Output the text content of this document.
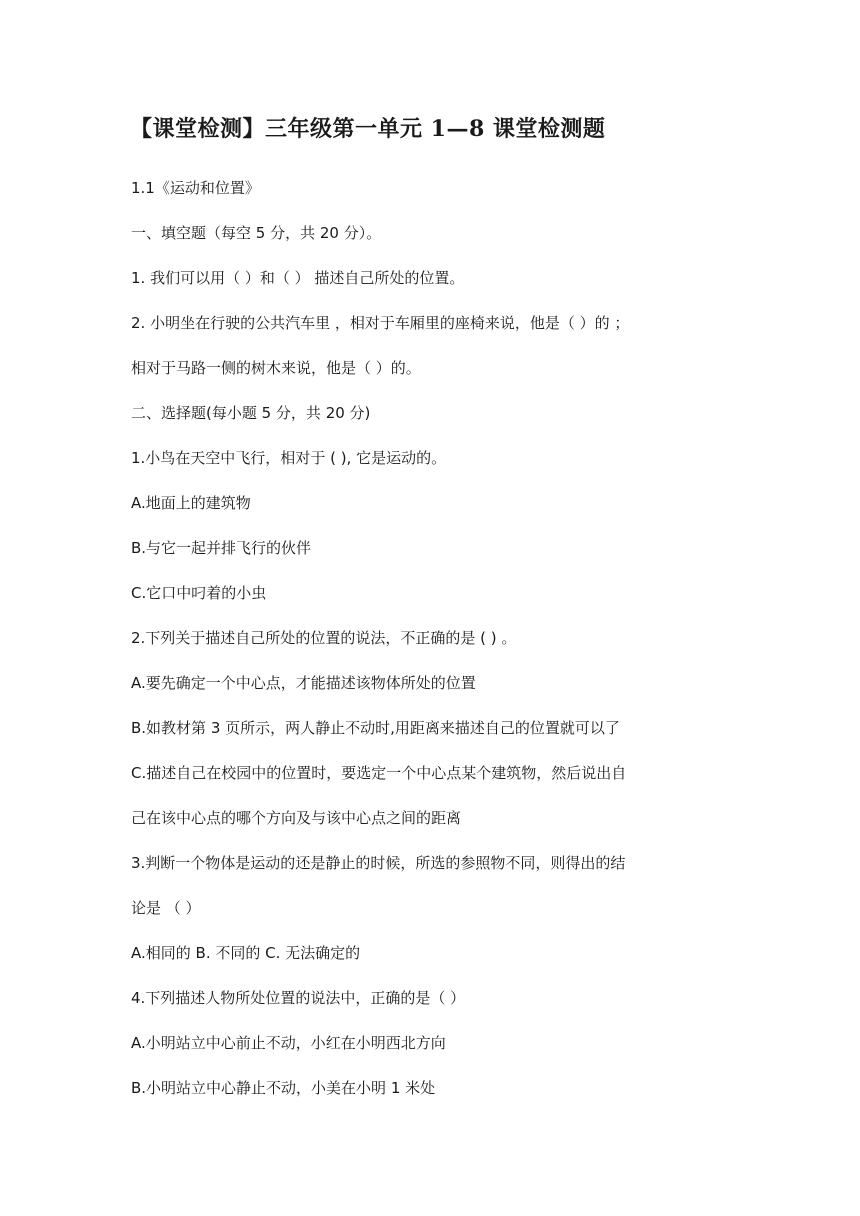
【课堂检测】三年级第一单元 1—8 课堂检测题
1.1《运动和位置》
一、填空题（每空 5 分，共 20 分）。
1. 我们可以用（ ）和（ ） 描述自己所处的位置。
2. 小明坐在行驶的公共汽车里 ，相对于车厢里的座椅来说，他是（ ）的 ；
相对于马路一侧的树木来说，他是（ ）的。
二、选择题(每小题 5 分，共 20 分)
1.小鸟在天空中飞行，相对于 ( ), 它是运动的。
A.地面上的建筑物
B.与它一起并排飞行的伙伴
C.它口中叼着的小虫
2.下列关于描述自己所处的位置的说法，不正确的是 ( ) 。
A.要先确定一个中心点，才能描述该物体所处的位置
B.如教材第 3 页所示，两人静止不动时,用距离来描述自己的位置就可以了
C.描述自己在校园中的位置时，要选定一个中心点某个建筑物，然后说出自
己在该中心点的哪个方向及与该中心点之间的距离
3.判断一个物体是运动的还是静止的时候，所选的参照物不同，则得出的结
论是 （ ）
A.相同的 B. 不同的 C. 无法确定的
4.下列描述人物所处位置的说法中，正确的是（ ）
A.小明站立中心前止不动，小红在小明西北方向
B.小明站立中心静止不动，小美在小明 1 米处
